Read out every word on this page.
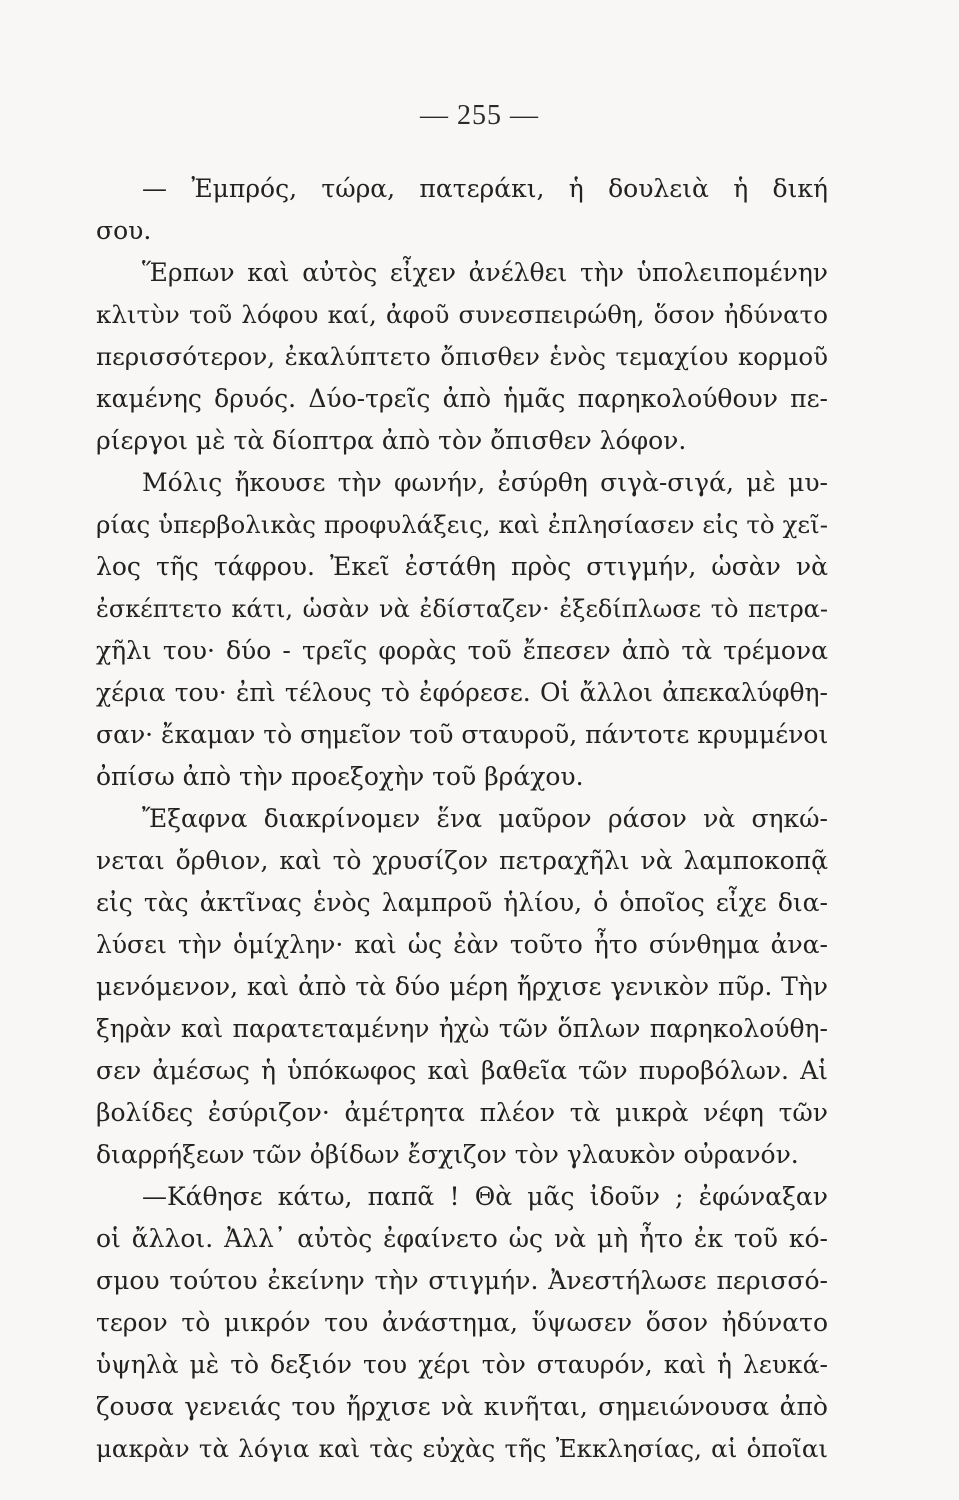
— 255 —
— Ἐμπρός, τώρα, πατεράκι, ἡ δουλειὰ ἡ δική
σου.
Ἕρπων καὶ αὐτὸς εἶχεν ἀνέλθει τὴν ὑπολειπομένην
κλιτὺν τοῦ λόφου καί, ἀφοῦ συνεσπειρώθη, ὅσον ἠδύνατο
περισσότερον, ἐκαλύπτετο ὄπισθεν ἑνὸς τεμαχίου κορμοῦ
καμένης δρυός. Δύο-τρεῖς ἀπὸ ἡμᾶς παρηκολούθουν πε-
ρίεργοι μὲ τὰ δίοπτρα ἀπὸ τὸν ὄπισθεν λόφον.
Μόλις ἤκουσε τὴν φωνήν, ἐσύρθη σιγὰ-σιγά, μὲ μυ-
ρίας ὑπερβολικὰς προφυλάξεις, καὶ ἐπλησίασεν εἰς τὸ χεῖ-
λος τῆς τάφρου. Ἐκεῖ ἐστάθη πρὸς στιγμήν, ὡσὰν νὰ
ἐσκέπτετο κάτι, ὡσὰν νὰ ἐδίσταζεν· ἐξεδίπλωσε τὸ πετρα-
χῆλι του· δύο - τρεῖς φορὰς τοῦ ἔπεσεν ἀπὸ τὰ τρέμονα
χέρια του· ἐπὶ τέλους τὸ ἐφόρεσε. Οἱ ἄλλοι ἀπεκαλύφθη-
σαν· ἔκαμαν τὸ σημεῖον τοῦ σταυροῦ, πάντοτε κρυμμένοι
ὀπίσω ἀπὸ τὴν προεξοχὴν τοῦ βράχου.
Ἔξαφνα διακρίνομεν ἕνα μαῦρον ράσον νὰ σηκώ-
νεται ὄρθιον, καὶ τὸ χρυσίζον πετραχῆλι νὰ λαμποκοπᾷ
εἰς τὰς ἀκτῖνας ἑνὸς λαμπροῦ ἡλίου, ὁ ὁποῖος εἶχε δια-
λύσει τὴν ὁμίχλην· καὶ ὡς ἐὰν τοῦτο ἦτο σύνθημα ἀνα-
μενόμενον, καὶ ἀπὸ τὰ δύο μέρη ἤρχισε γενικὸν πῦρ. Τὴν
ξηρὰν καὶ παρατεταμένην ἠχὼ τῶν ὅπλων παρηκολούθη-
σεν ἀμέσως ἡ ὑπόκωφος καὶ βαθεῖα τῶν πυροβόλων. Αἱ
βολίδες ἐσύριζον· ἀμέτρητα πλέον τὰ μικρὰ νέφη τῶν
διαρρήξεων τῶν ὀβίδων ἔσχιζον τὸν γλαυκὸν οὐρανόν.
—Κάθησε κάτω, παπᾶ ! Θὰ μᾶς ἰδοῦν ; ἐφώναξαν
οἱ ἄλλοι. Ἀλλ᾽ αὐτὸς ἐφαίνετο ὡς νὰ μὴ ἦτο ἐκ τοῦ κό-
σμου τούτου ἐκείνην τὴν στιγμήν. Ἀνεστήλωσε περισσό-
τερον τὸ μικρόν του ἀνάστημα, ὕψωσεν ὅσον ἠδύνατο
ὑψηλὰ μὲ τὸ δεξιόν του χέρι τὸν σταυρόν, καὶ ἡ λευκά-
ζουσα γενειάς του ἤρχισε νὰ κινῆται, σημειώνουσα ἀπὸ
μακρὰν τὰ λόγια καὶ τὰς εὐχὰς τῆς Ἐκκλησίας, αἱ ὁποῖαι
